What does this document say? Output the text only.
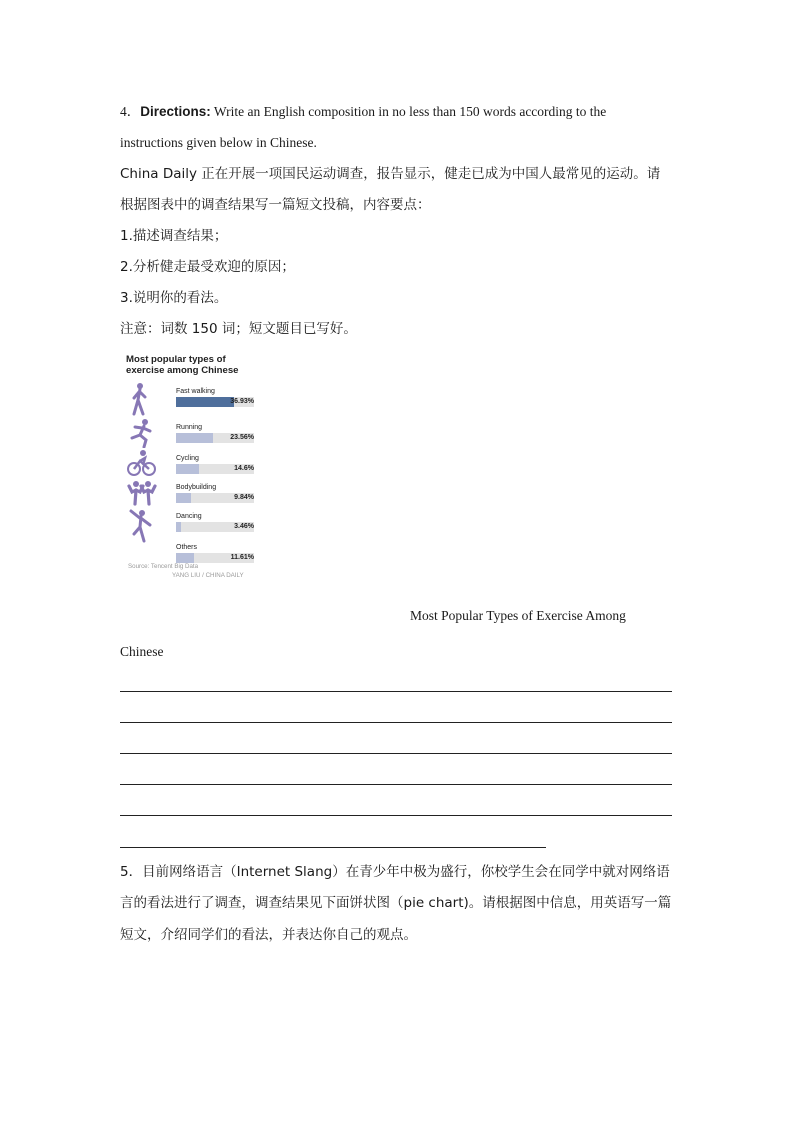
4．Directions: Write an English composition in no less than 150 words according to the
instructions given below in Chinese.
China Daily 正在开展一项国民运动调查，报告显示，健走已成为中国人最常见的运动。请
根据图表中的调查结果写一篇短文投稿，内容要点：
1.描述调查结果；
2.分析健走最受欢迎的原因；
3.说明你的看法。
注意：词数 150 词；短文题目已写好。
Most popular types of
exercise among Chinese
Fast walking
36.93%
Running
23.56%
Cycling
14.6%
Bodybuilding
9.84%
Dancing
3.46%
Others
11.61%
Source: Tencent Big Data
YANG LIU / CHINA DAILY
Most Popular Types of Exercise Among
Chinese
5．目前网络语言（Internet Slang）在青少年中极为盛行，你校学生会在同学中就对网络语
言的看法进行了调查，调查结果见下面饼状图（pie chart)。请根据图中信息，用英语写一篇
短文，介绍同学们的看法，并表达你自己的观点。
